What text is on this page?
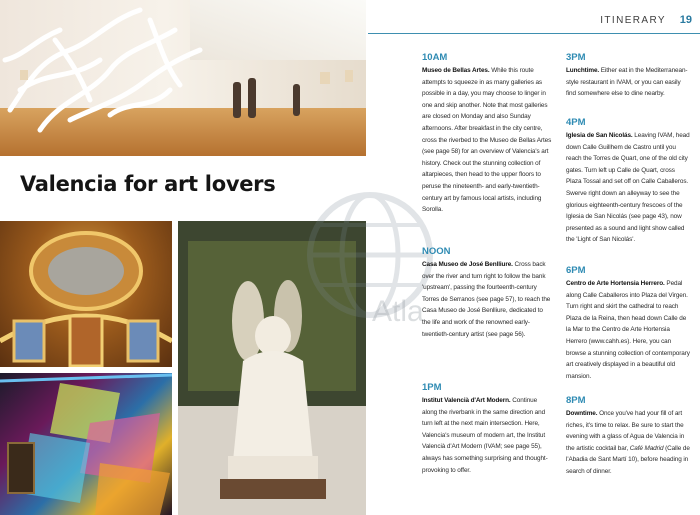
Valencia for art lovers
Atla
ITINERARY 19
10AM

Museo de Bellas Artes. While this route attempts to squeeze in as many galleries as possible in a day, you may choose to linger in one and skip another. Note that most galleries are closed on Monday and also Sunday afternoons. After breakfast in the city centre, cross the riverbed to the Museo de Bellas Artes (see page 58) for an overview of Valencia's art history. Check out the stunning collection of altarpieces, then head to the upper floors to peruse the nineteenth- and early-twentieth-century art by famous local artists, including Sorolla.

NOON

Casa Museo de José Benlliure. Cross back over the river and turn right to follow the bank 'upstream', passing the fourteenth-century Torres de Serranos (see page 57), to reach the Casa Museo de José Benlliure, dedicated to the life and work of the renowned early-twentieth-century artist (see page 56).

1PM

Institut Valencià d'Art Modern. Continue along the riverbank in the same direction and turn left at the next main intersection. Here, Valencia's museum of modern art, the Institut Valencià d'Art Modern (IVAM; see page 55), always has something surprising and thought-provoking to offer.

3PM

Lunchtime. Either eat in the Mediterranean-style restaurant in IVAM, or you can easily find somewhere else to dine nearby.

4PM

Iglesia de San Nicolás. Leaving IVAM, head down Calle Guillhem de Castro until you reach the Torres de Quart, one of the old city gates. Turn left up Calle de Quart, cross Plaza Tossal and set off on Calle Caballeros. Swerve right down an alleyway to see the glorious eighteenth-century frescoes of the Iglesia de San Nicolás (see page 43), now presented as a sound and light show called the 'Light of San Nicolás'.

6PM

Centro de Arte Hortensia Herrero. Pedal along Calle Caballeros into Plaza del Virgen. Turn right and skirt the cathedral to reach Plaza de la Reina, then head down Calle de la Mar to the Centro de Arte Hortensia Herrero (www.cahh.es). Here, you can browse a stunning collection of contemporary art creatively displayed in a beautiful old mansion.

8PM

Downtime. Once you've had your fill of art riches, it's time to relax. Be sure to start the evening with a glass of Agua de Valencia in the artistic cocktail bar, Café Madrid (Calle de l'Abadia de Sant Martí 10), before heading in search of dinner.
